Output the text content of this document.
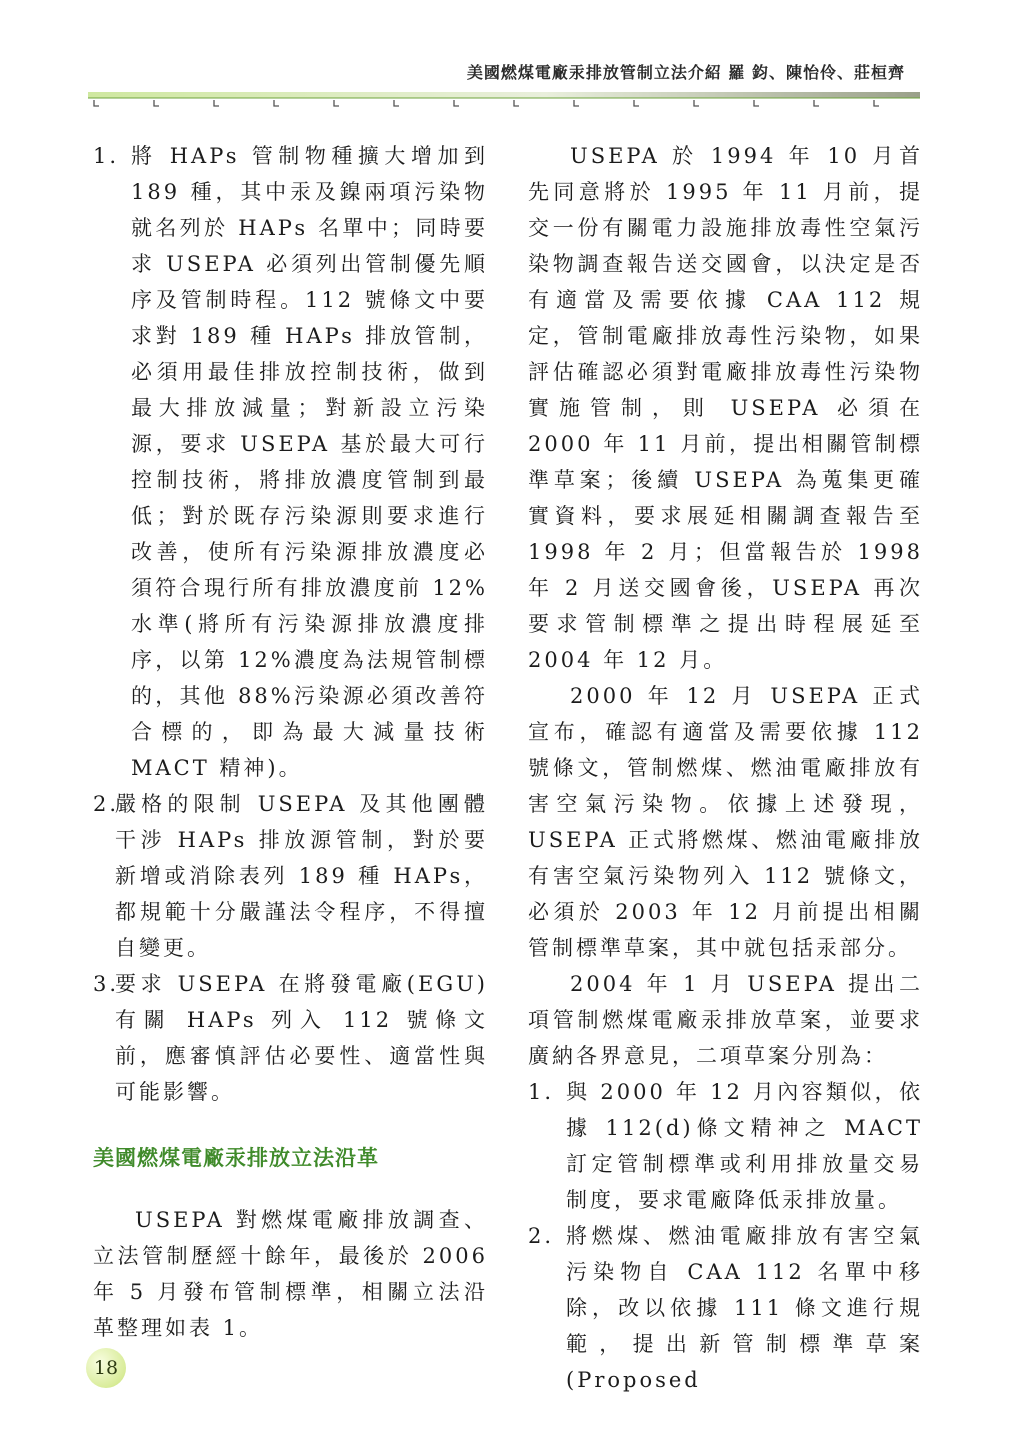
美國燃煤電廠汞排放管制立法介紹 羅 鈞、陳怡伶、莊桓齊
1. 將 HAPs 管制物種擴大增加到 189 種，其中汞及鎳兩項污染物就名列於 HAPs 名單中；同時要求 USEPA 必須列出管制優先順序及管制時程。112 號條文中要求對 189 種 HAPs 排放管制，必須用最佳排放控制技術，做到最大排放減量；對新設立污染源，要求 USEPA 基於最大可行控制技術，將排放濃度管制到最低；對於既存污染源則要求進行改善，使所有污染源排放濃度必須符合現行所有排放濃度前 12%水準(將所有污染源排放濃度排序，以第 12%濃度為法規管制標的，其他 88%污染源必須改善符合標的，即為最大減量技術 MACT 精神)。
2.
嚴格的限制 USEPA 及其他團體干涉 HAPs 排放源管制，對於要新增或消除表列 189 種 HAPs，都規範十分嚴謹法令程序，不得擅自變更。
3.
要求 USEPA 在將發電廠(EGU)有關 HAPs 列入 112 號條文前，應審慎評估必要性、適當性與可能影響。
美國燃煤電廠汞排放立法沿革

USEPA 對燃煤電廠排放調查、立法管制歷經十餘年，最後於 2006 年 5 月發布管制標準，相關立法沿革整理如表 1。

USEPA 於 1994 年 10 月首先同意將於 1995 年 11 月前，提交一份有關電力設施排放毒性空氣污染物調查報告送交國會，以決定是否有適當及需要依據 CAA 112 規定，管制電廠排放毒性污染物，如果評估確認必須對電廠排放毒性污染物實施管制，則 USEPA 必須在 2000 年 11 月前，提出相關管制標準草案；後續 USEPA 為蒐集更確實資料，要求展延相關調查報告至 1998 年 2 月；但當報告於 1998 年 2 月送交國會後，USEPA 再次要求管制標準之提出時程展延至 2004 年 12 月。

2000 年 12 月 USEPA 正式宣布，確認有適當及需要依據 112 號條文，管制燃煤、燃油電廠排放有害空氣污染物。依據上述發現，USEPA 正式將燃煤、燃油電廠排放有害空氣污染物列入 112 號條文，必須於 2003 年 12 月前提出相關管制標準草案，其中就包括汞部分。

2004 年 1 月 USEPA 提出二項管制燃煤電廠汞排放草案，並要求廣納各界意見，二項草案分別為：

1. 與 2000 年 12 月內容類似，依據 112(d)條文精神之 MACT 訂定管制標準或利用排放量交易制度，要求電廠降低汞排放量。
2. 將燃煤、燃油電廠排放有害空氣污染物自 CAA 112 名單中移除，改以依據 111 條文進行規範，提出新管制標準草案(Proposed
18
